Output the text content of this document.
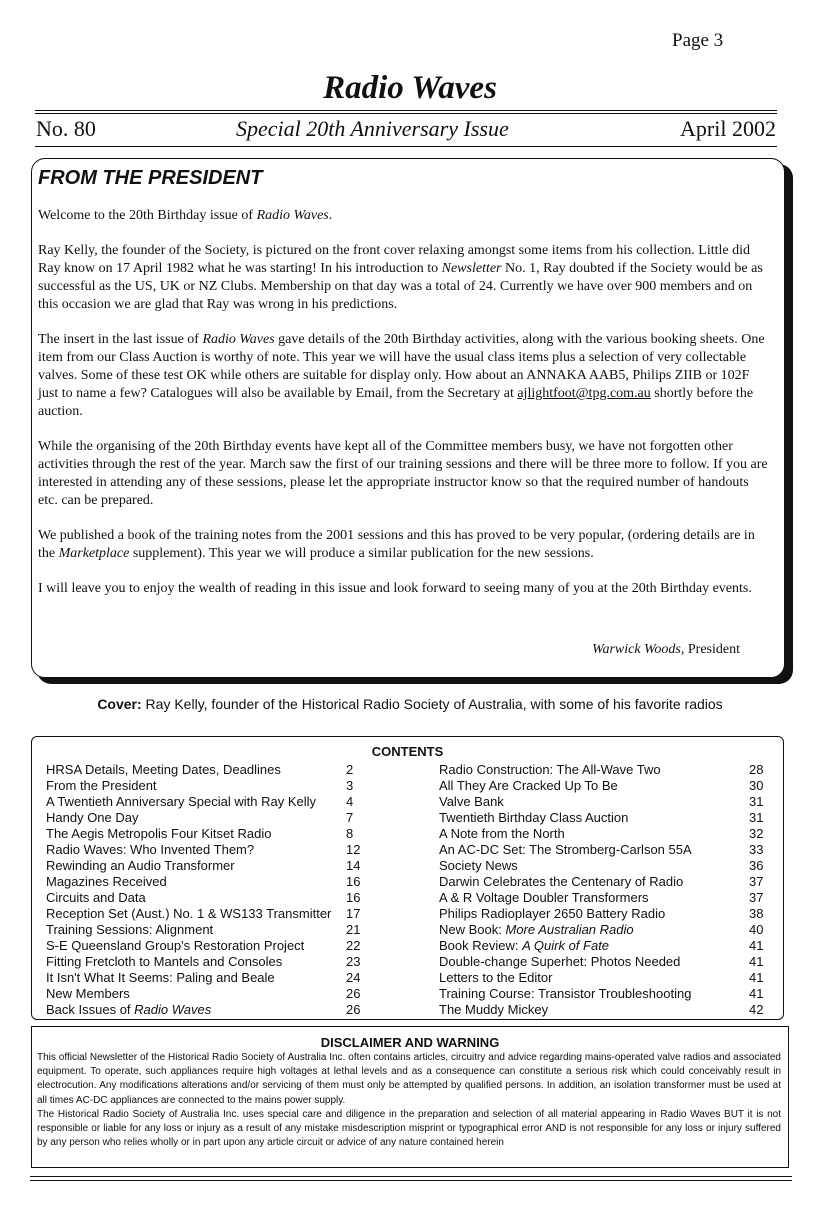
Page 3
Radio Waves
No. 80	Special 20th Anniversary Issue	April 2002
FROM THE PRESIDENT

Welcome to the 20th Birthday issue of Radio Waves.

Ray Kelly, the founder of the Society, is pictured on the front cover relaxing amongst some items from his collection. Little did Ray know on 17 April 1982 what he was starting! In his introduction to Newsletter No. 1, Ray doubted if the Society would be as successful as the US, UK or NZ Clubs. Membership on that day was a total of 24. Currently we have over 900 members and on this occasion we are glad that Ray was wrong in his predictions.

The insert in the last issue of Radio Waves gave details of the 20th Birthday activities, along with the various booking sheets. One item from our Class Auction is worthy of note. This year we will have the usual class items plus a selection of very collectable valves. Some of these test OK while others are suitable for display only. How about an ANNAKA AAB5, Philips ZIIB or 102F just to name a few? Catalogues will also be available by Email, from the Secretary at ajlightfoot@tpg.com.au shortly before the auction.

While the organising of the 20th Birthday events have kept all of the Committee members busy, we have not forgotten other activities through the rest of the year. March saw the first of our training sessions and there will be three more to follow. If you are interested in attending any of these sessions, please let the appropriate instructor know so that the required number of handouts etc. can be prepared.

We published a book of the training notes from the 2001 sessions and this has proved to be very popular, (ordering details are in the Marketplace supplement). This year we will produce a similar publication for the new sessions.

I will leave you to enjoy the wealth of reading in this issue and look forward to seeing many of you at the 20th Birthday events.

Warwick Woods, President
Cover: Ray Kelly, founder of the Historical Radio Society of Australia, with some of his favorite radios
CONTENTS
HRSA Details, Meeting Dates, Deadlines	2
From the President	3
A Twentieth Anniversary Special with Ray Kelly 4
Handy One Day	7
The Aegis Metropolis Four Kitset Radio	8
Radio Waves: Who Invented Them?	12
Rewinding an Audio Transformer	14
Magazines Received	16
Circuits and Data	16
Reception Set (Aust.) No. 1 & WS133 Transmitter 17
Training Sessions: Alignment	21
S-E Queensland Group's Restoration Project	22
Fitting Fretcloth to Mantels and Consoles	23
It Isn't What It Seems: Paling and Beale	24
New Members	26
Back Issues of Radio Waves	26
Radio Construction: The All-Wave Two	28
All They Are Cracked Up To Be	30
Valve Bank	31
Twentieth Birthday Class Auction	31
A Note from the North	32
An AC-DC Set: The Stromberg-Carlson 55A	33
Society News	36
Darwin Celebrates the Centenary of Radio	37
A & R Voltage Doubler Transformers	37
Philips Radioplayer 2650 Battery Radio	38
New Book: More Australian Radio	40
Book Review: A Quirk of Fate	41
Double-change Superhet: Photos Needed	41
Letters to the Editor	41
Training Course: Transistor Troubleshooting	41
The Muddy Mickey	42
DISCLAIMER AND WARNING

This official Newsletter of the Historical Radio Society of Australia Inc. often contains articles, circuitry and advice regarding mains-operated valve radios and associated equipment. To operate, such appliances require high voltages at lethal levels and as a consequence can constitute a serious risk which could conceivably result in electrocution. Any modifications alterations and/or servicing of them must only be attempted by qualified persons. In addition, an isolation transformer must be used at all times AC-DC appliances are connected to the mains power supply.

The Historical Radio Society of Australia Inc. uses special care and diligence in the preparation and selection of all material appearing in Radio Waves BUT it is not responsible or liable for any loss or injury as a result of any mistake misdescription misprint or typographical error AND is not responsible for any loss or injury suffered by any person who relies wholly or in part upon any article circuit or advice of any nature contained herein
